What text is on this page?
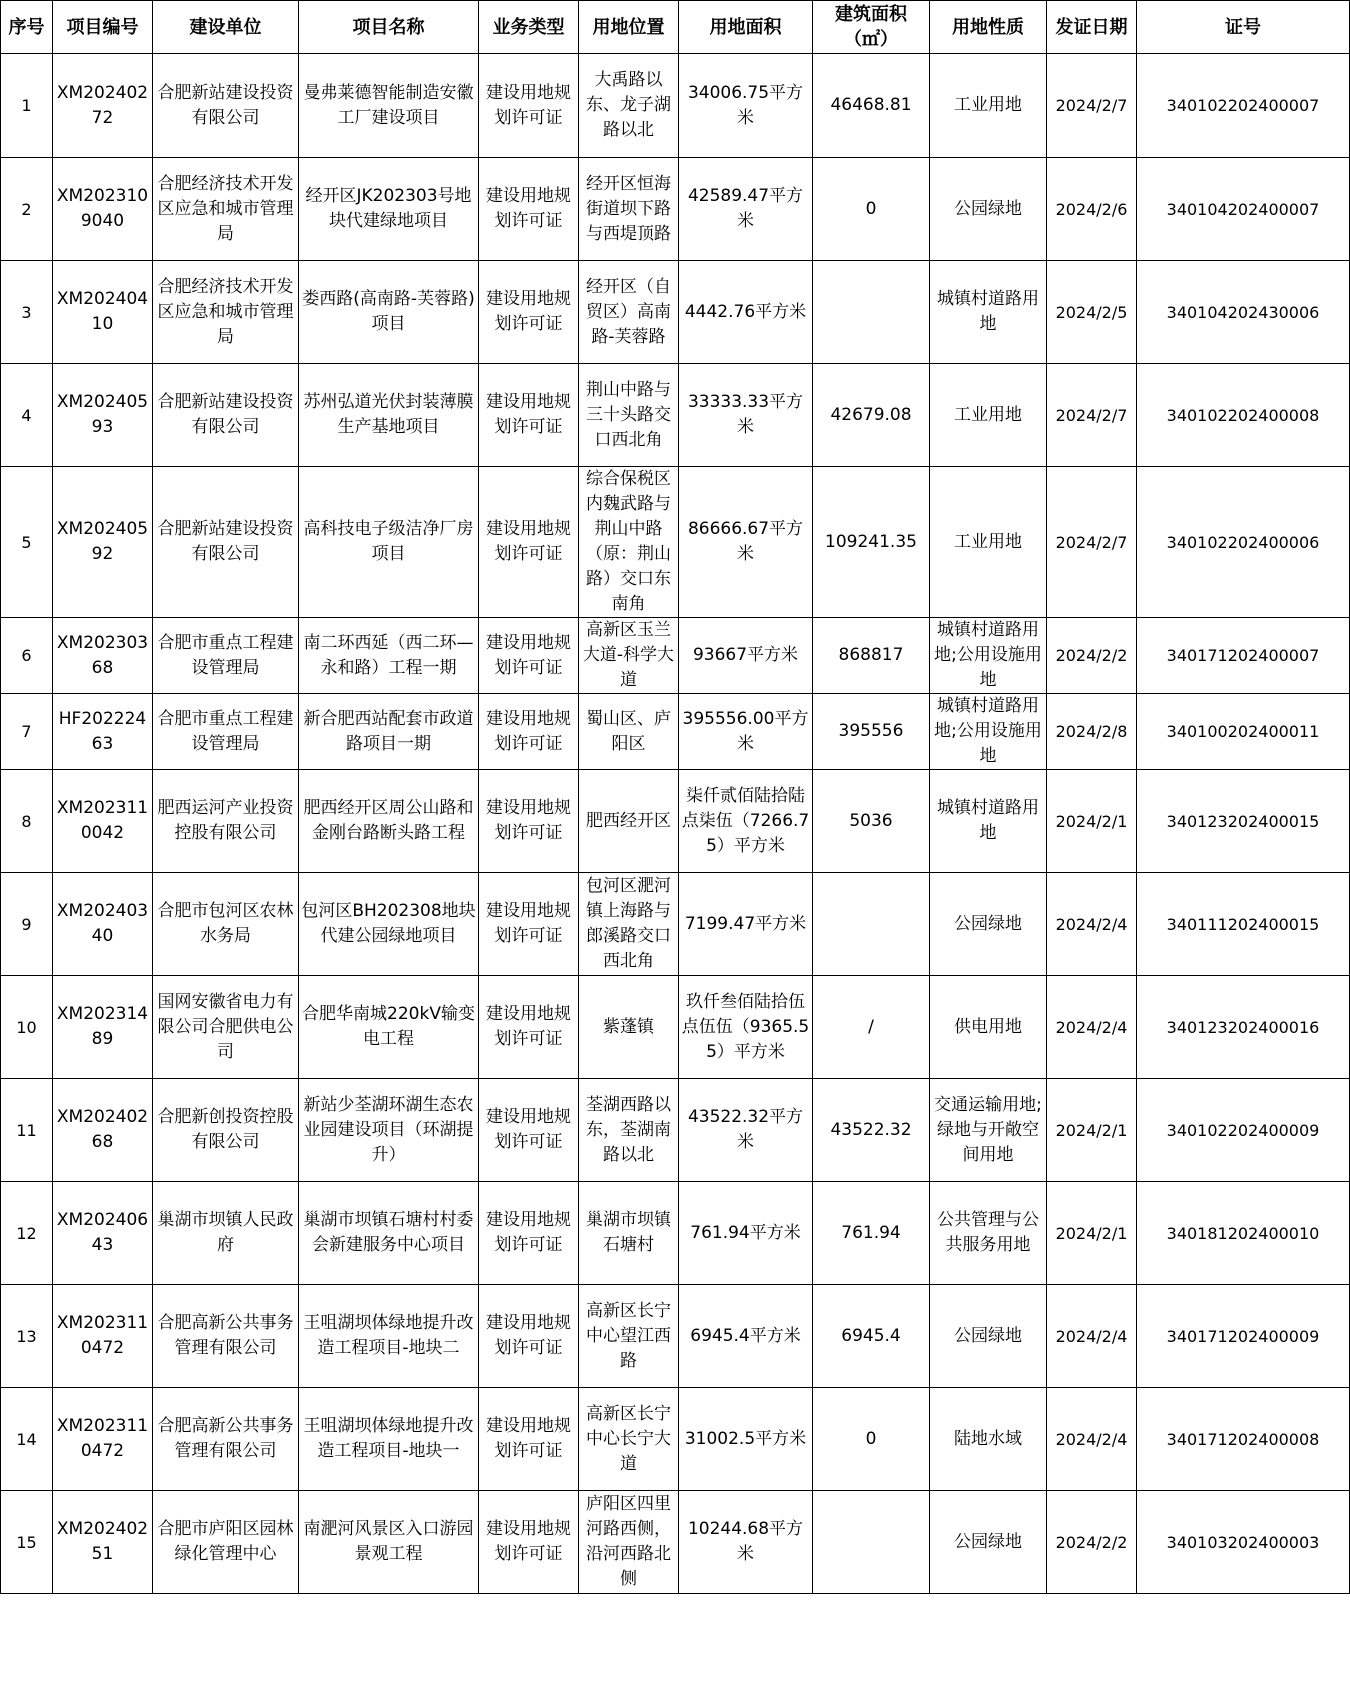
序号	项目编号	建设单位	项目名称	业务类型	用地位置	用地面积	建筑面积（㎡）	用地性质	发证日期	证号
1	XM20240272	合肥新站建设投资有限公司	曼弗莱德智能制造安徽工厂建设项目	建设用地规划许可证	大禹路以东、龙子湖路以北	34006.75平方米	46468.81	工业用地	2024/2/7	340102202400007
2	XM2023109040	合肥经济技术开发区应急和城市管理局	经开区JK202303号地块代建绿地项目	建设用地规划许可证	经开区恒海街道坝下路与西堤顶路	42589.47平方米	0	公园绿地	2024/2/6	340104202400007
3	XM20240410	合肥经济技术开发区应急和城市管理局	娄西路(高南路-芙蓉路)项目	建设用地规划许可证	经开区（自贸区）高南路-芙蓉路	4442.76平方米		城镇村道路用地	2024/2/5	340104202430006
4	XM20240593	合肥新站建设投资有限公司	苏州弘道光伏封装薄膜生产基地项目	建设用地规划许可证	荆山中路与三十头路交口西北角	33333.33平方米	42679.08	工业用地	2024/2/7	340102202400008
5	XM20240592	合肥新站建设投资有限公司	高科技电子级洁净厂房项目	建设用地规划许可证	综合保税区内魏武路与荆山中路（原：荆山路）交口东南角	86666.67平方米	109241.35	工业用地	2024/2/7	340102202400006
6	XM20230368	合肥市重点工程建设管理局	南二环西延（西二环—永和路）工程一期	建设用地规划许可证	高新区玉兰大道-科学大道	93667平方米	868817	城镇村道路用地;公用设施用地	2024/2/2	340171202400007
7	HF20222463	合肥市重点工程建设管理局	新合肥西站配套市政道路项目一期	建设用地规划许可证	蜀山区、庐阳区	395556.00平方米	395556	城镇村道路用地;公用设施用地	2024/2/8	340100202400011
8	XM2023110042	肥西运河产业投资控股有限公司	肥西经开区周公山路和金刚台路断头路工程	建设用地规划许可证	肥西经开区	柒仟贰佰陆拾陆点柒伍（7266.75）平方米	5036	城镇村道路用地	2024/2/1	340123202400015
9	XM20240340	合肥市包河区农林水务局	包河区BH202308地块代建公园绿地项目	建设用地规划许可证	包河区淝河镇上海路与郎溪路交口西北角	7199.47平方米		公园绿地	2024/2/4	340111202400015
10	XM20231489	国网安徽省电力有限公司合肥供电公司	合肥华南城220kV输变电工程	建设用地规划许可证	紫蓬镇	玖仟叁佰陆拾伍点伍伍（9365.55）平方米	/	供电用地	2024/2/4	340123202400016
11	XM20240268	合肥新创投资控股有限公司	新站少荃湖环湖生态农业园建设项目（环湖提升）	建设用地规划许可证	荃湖西路以东，荃湖南路以北	43522.32平方米	43522.32	交通运输用地;绿地与开敞空间用地	2024/2/1	340102202400009
12	XM20240643	巢湖市坝镇人民政府	巢湖市坝镇石塘村村委会新建服务中心项目	建设用地规划许可证	巢湖市坝镇石塘村	761.94平方米	761.94	公共管理与公共服务用地	2024/2/1	340181202400010
13	XM2023110472	合肥高新公共事务管理有限公司	王咀湖坝体绿地提升改造工程项目-地块二	建设用地规划许可证	高新区长宁中心望江西路	6945.4平方米	6945.4	公园绿地	2024/2/4	340171202400009
14	XM2023110472	合肥高新公共事务管理有限公司	王咀湖坝体绿地提升改造工程项目-地块一	建设用地规划许可证	高新区长宁中心长宁大道	31002.5平方米	0	陆地水域	2024/2/4	340171202400008
15	XM20240251	合肥市庐阳区园林绿化管理中心	南淝河风景区入口游园景观工程	建设用地规划许可证	庐阳区四里河路西侧，沿河西路北侧	10244.68平方米		公园绿地	2024/2/2	340103202400003
